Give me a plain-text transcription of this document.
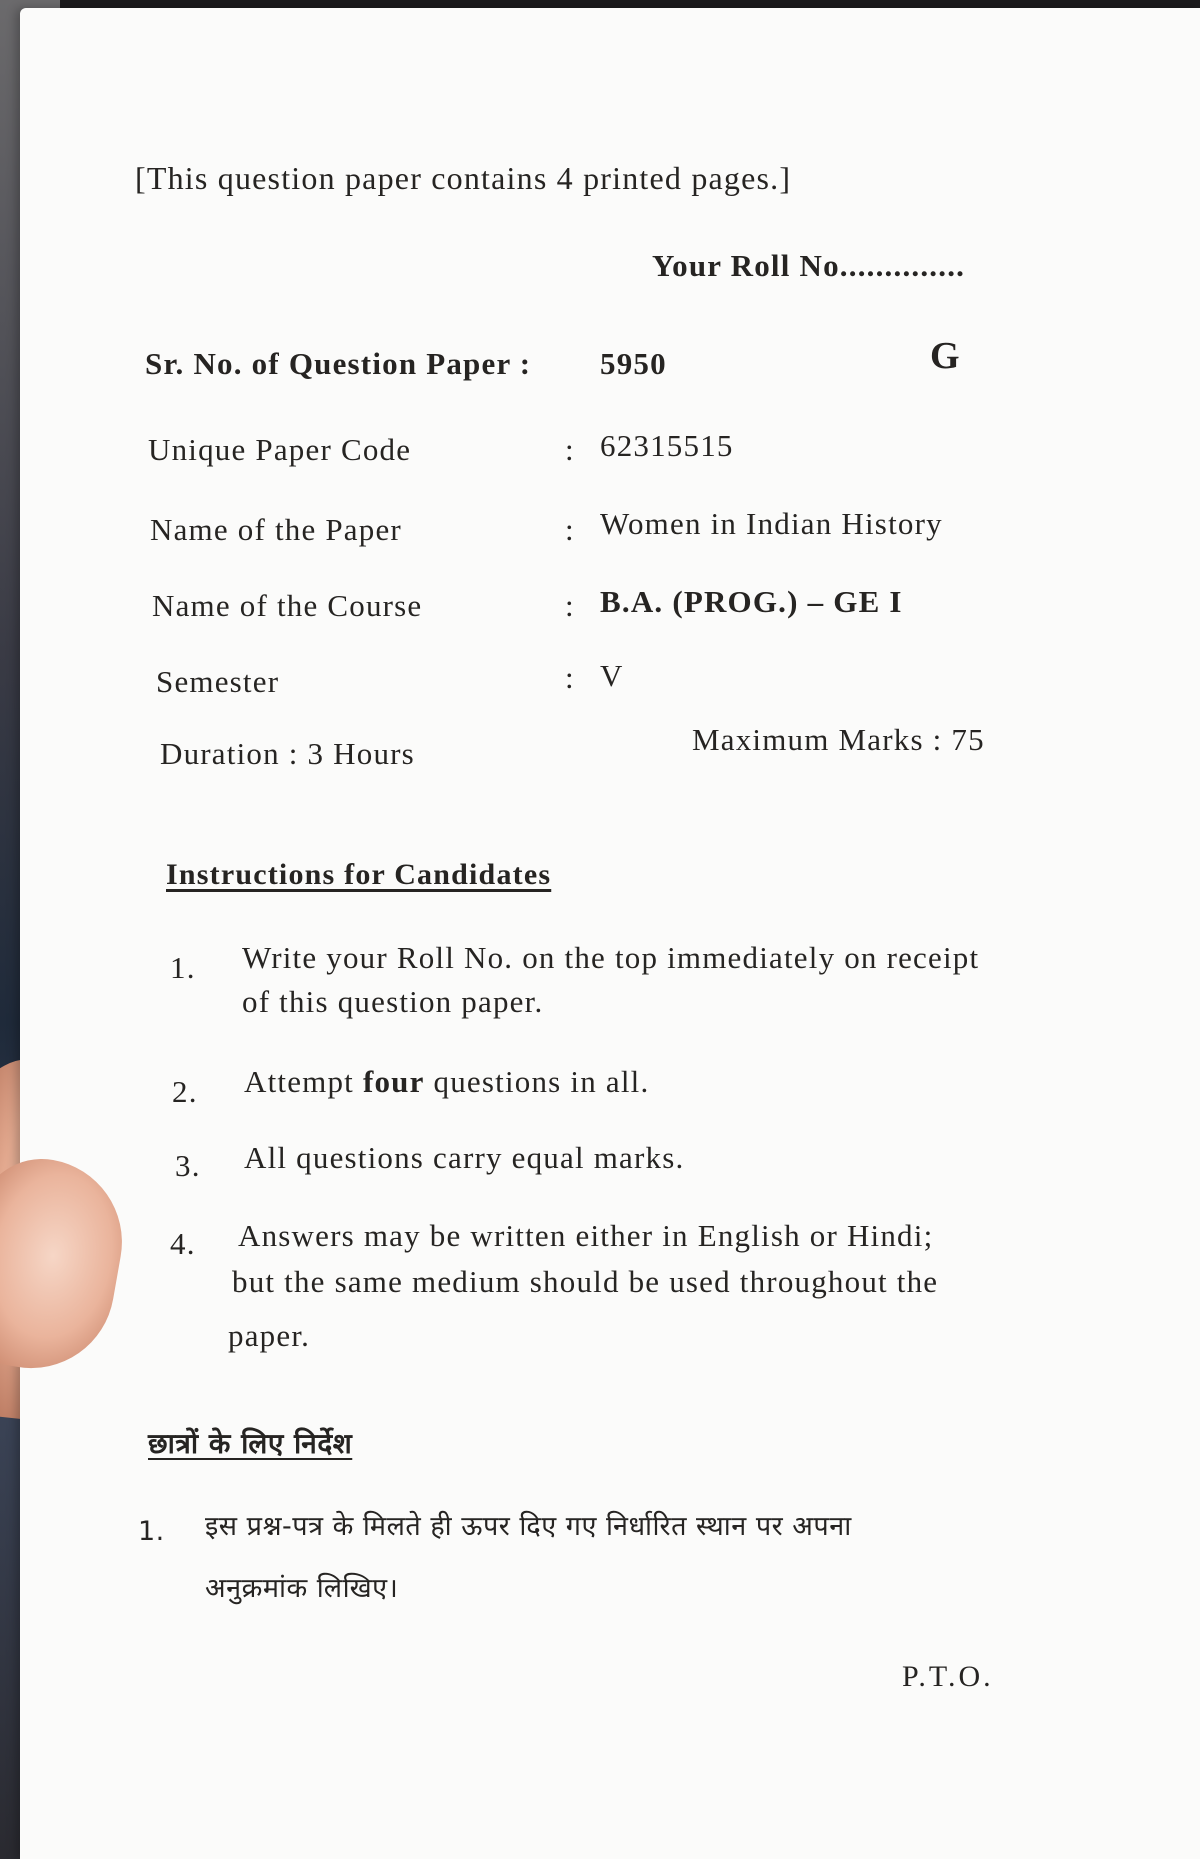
[This question paper contains 4 printed pages.]
Your Roll No..............
Sr. No. of Question Paper : 5950	G
Unique Paper Code	: 62315515
Name of the Paper	: Women in Indian History
Name of the Course	: B.A. (PROG.) – GE I
Semester	: V
Duration : 3 Hours	Maximum Marks : 75
Instructions for Candidates
1. Write your Roll No. on the top immediately on receipt
of this question paper.
2. Attempt four questions in all.
3. All questions carry equal marks.
4. Answers may be written either in English or Hindi;
but the same medium should be used throughout the
paper.
छात्रों के लिए निर्देश
1. इस प्रश्न-पत्र के मिलते ही ऊपर दिए गए निर्धारित स्थान पर अपना
अनुक्रमांक लिखिए।
P.T.O.
